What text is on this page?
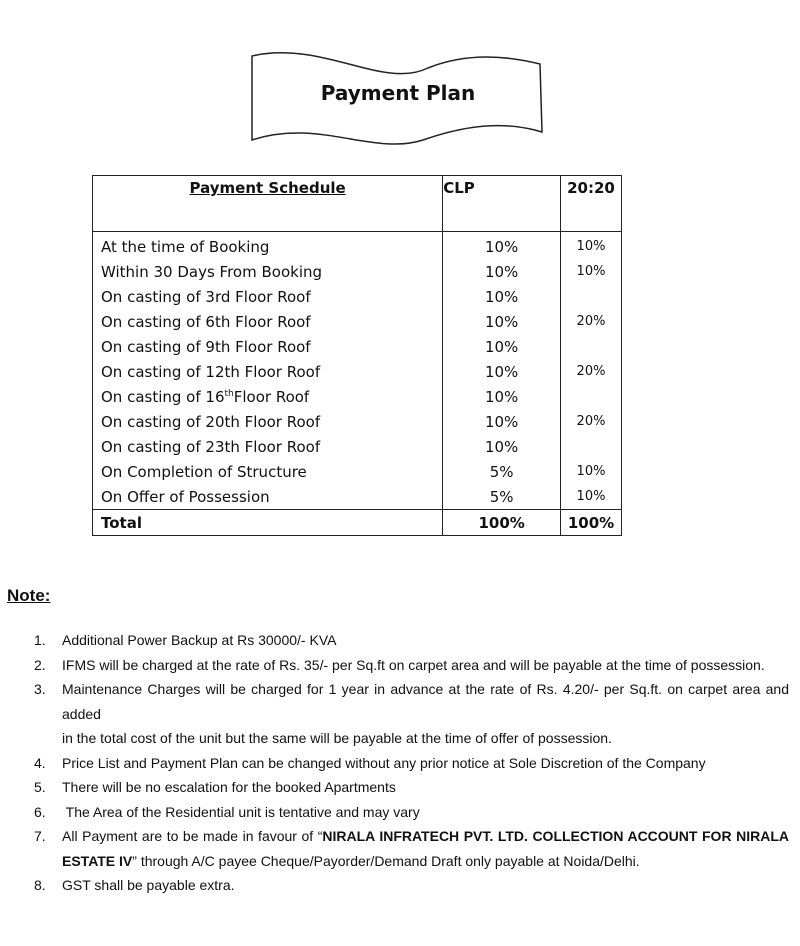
Payment Plan
Payment Schedule	CLP	20:20
At the time of Booking	10%	10%
Within 30 Days From Booking	10%	10%
On casting of 3rd Floor Roof	10%	
On casting of 6th Floor Roof	10%	20%
On casting of 9th Floor Roof	10%	
On casting of 12th Floor Roof	10%	20%
On casting of 16thFloor Roof	10%	
On casting of 20th Floor Roof	10%	20%
On casting of 23th Floor Roof	10%	
On Completion of Structure	5%	10%
On Offer of Possession	5%	10%
Total	100%	100%
Note:
1. Additional Power Backup at Rs 30000/- KVA
2. IFMS will be charged at the rate of Rs. 35/- per Sq.ft on carpet area and will be payable at the time of possession.
3. Maintenance Charges will be charged for 1 year in advance at the rate of Rs. 4.20/- per Sq.ft. on carpet area and added
in the total cost of the unit but the same will be payable at the time of offer of possession.
4. Price List and Payment Plan can be changed without any prior notice at Sole Discretion of the Company
5. There will be no escalation for the booked Apartments
6. The Area of the Residential unit is tentative and may vary
7. All Payment are to be made in favour of “NIRALA INFRATECH PVT. LTD. COLLECTION ACCOUNT FOR NIRALA ESTATE IV” through A/C payee Cheque/Payorder/Demand Draft only payable at Noida/Delhi.
8. GST shall be payable extra.
